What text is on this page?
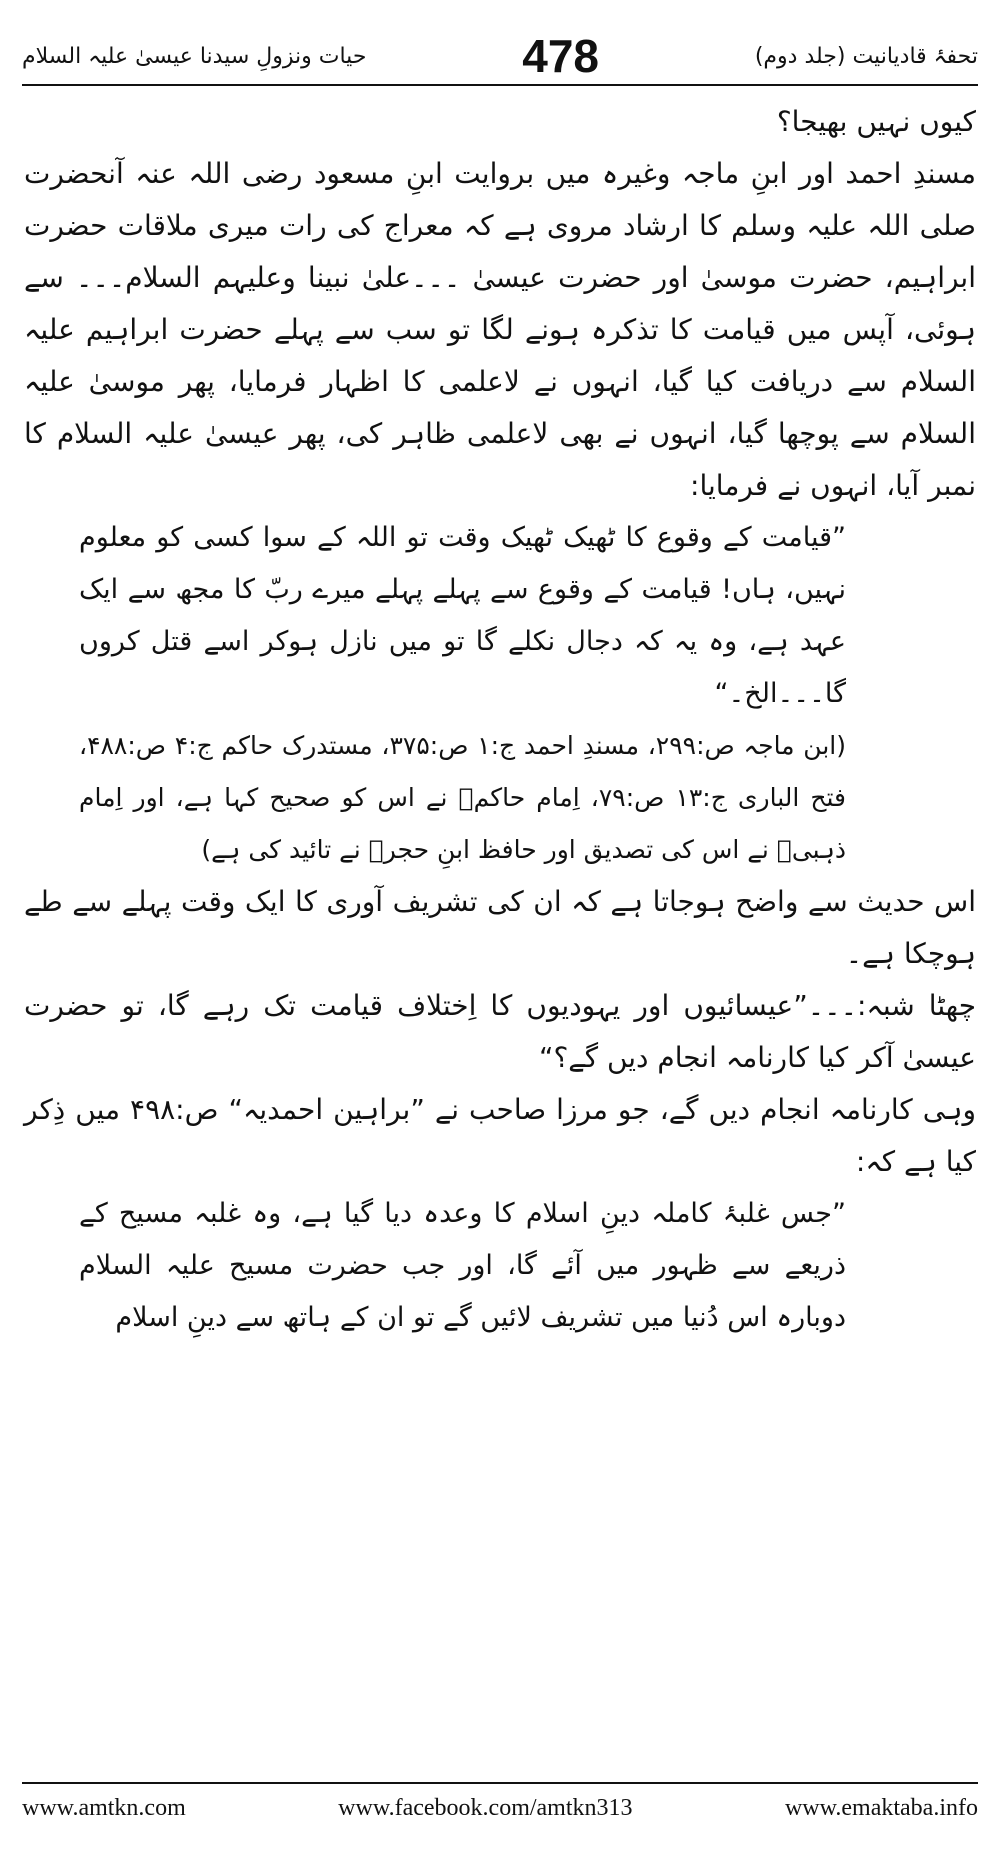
تحفۂ قادیانیت (جلد دوم)
478
حیات ونزولِ سیدنا عیسیٰ علیہ السلام

کیوں نہیں بھیجا؟

مسندِ احمد اور ابنِ ماجہ وغیرہ میں بروایت ابنِ مسعود رضی اللہ عنہ آنحضرت صلی اللہ علیہ وسلم کا ارشاد مروی ہے کہ معراج کی رات میری ملاقات حضرت ابراہیم، حضرت موسیٰ اور حضرت عیسیٰ ۔۔۔علیٰ نبینا وعلیہم السلام۔۔۔ سے ہوئی، آپس میں قیامت کا تذکرہ ہونے لگا تو سب سے پہلے حضرت ابراہیم علیہ السلام سے دریافت کیا گیا، انہوں نے لاعلمی کا اظہار فرمایا، پھر موسیٰ علیہ السلام سے پوچھا گیا، انہوں نے بھی لاعلمی ظاہر کی، پھر عیسیٰ علیہ السلام کا نمبر آیا، انہوں نے فرمایا:

”قیامت کے وقوع کا ٹھیک ٹھیک وقت تو اللہ کے سوا کسی کو معلوم نہیں، ہاں! قیامت کے وقوع سے پہلے پہلے میرے ربّ کا مجھ سے ایک عہد ہے، وہ یہ کہ دجال نکلے گا تو میں نازل ہوکر اسے قتل کروں گا۔۔۔الخ۔“

(ابن ماجہ ص:۲۹۹، مسندِ احمد ج:۱ ص:۳۷۵، مستدرک حاکم ج:۴ ص:۴۸۸، فتح الباری ج:۱۳ ص:۷۹، اِمام حاکمؒ نے اس کو صحیح کہا ہے، اور اِمام ذہبیؒ نے اس کی تصدیق اور حافظ ابنِ حجرؒ نے تائید کی ہے)

اس حدیث سے واضح ہوجاتا ہے کہ ان کی تشریف آوری کا ایک وقت پہلے سے طے ہوچکا ہے۔

چھٹا شبہ:۔۔۔”عیسائیوں اور یہودیوں کا اِختلاف قیامت تک رہے گا، تو حضرت عیسیٰ آکر کیا کارنامہ انجام دیں گے؟“

وہی کارنامہ انجام دیں گے، جو مرزا صاحب نے ”براہین احمدیہ“ ص:۴۹۸ میں ذِکر کیا ہے کہ:

”جس غلبۂ کاملہ دینِ اسلام کا وعدہ دیا گیا ہے، وہ غلبہ مسیح کے ذریعے سے ظہور میں آئے گا، اور جب حضرت مسیح علیہ السلام دوبارہ اس دُنیا میں تشریف لائیں گے تو ان کے ہاتھ سے دینِ اسلام

www.amtkn.com	www.facebook.com/amtkn313	www.emaktaba.info
